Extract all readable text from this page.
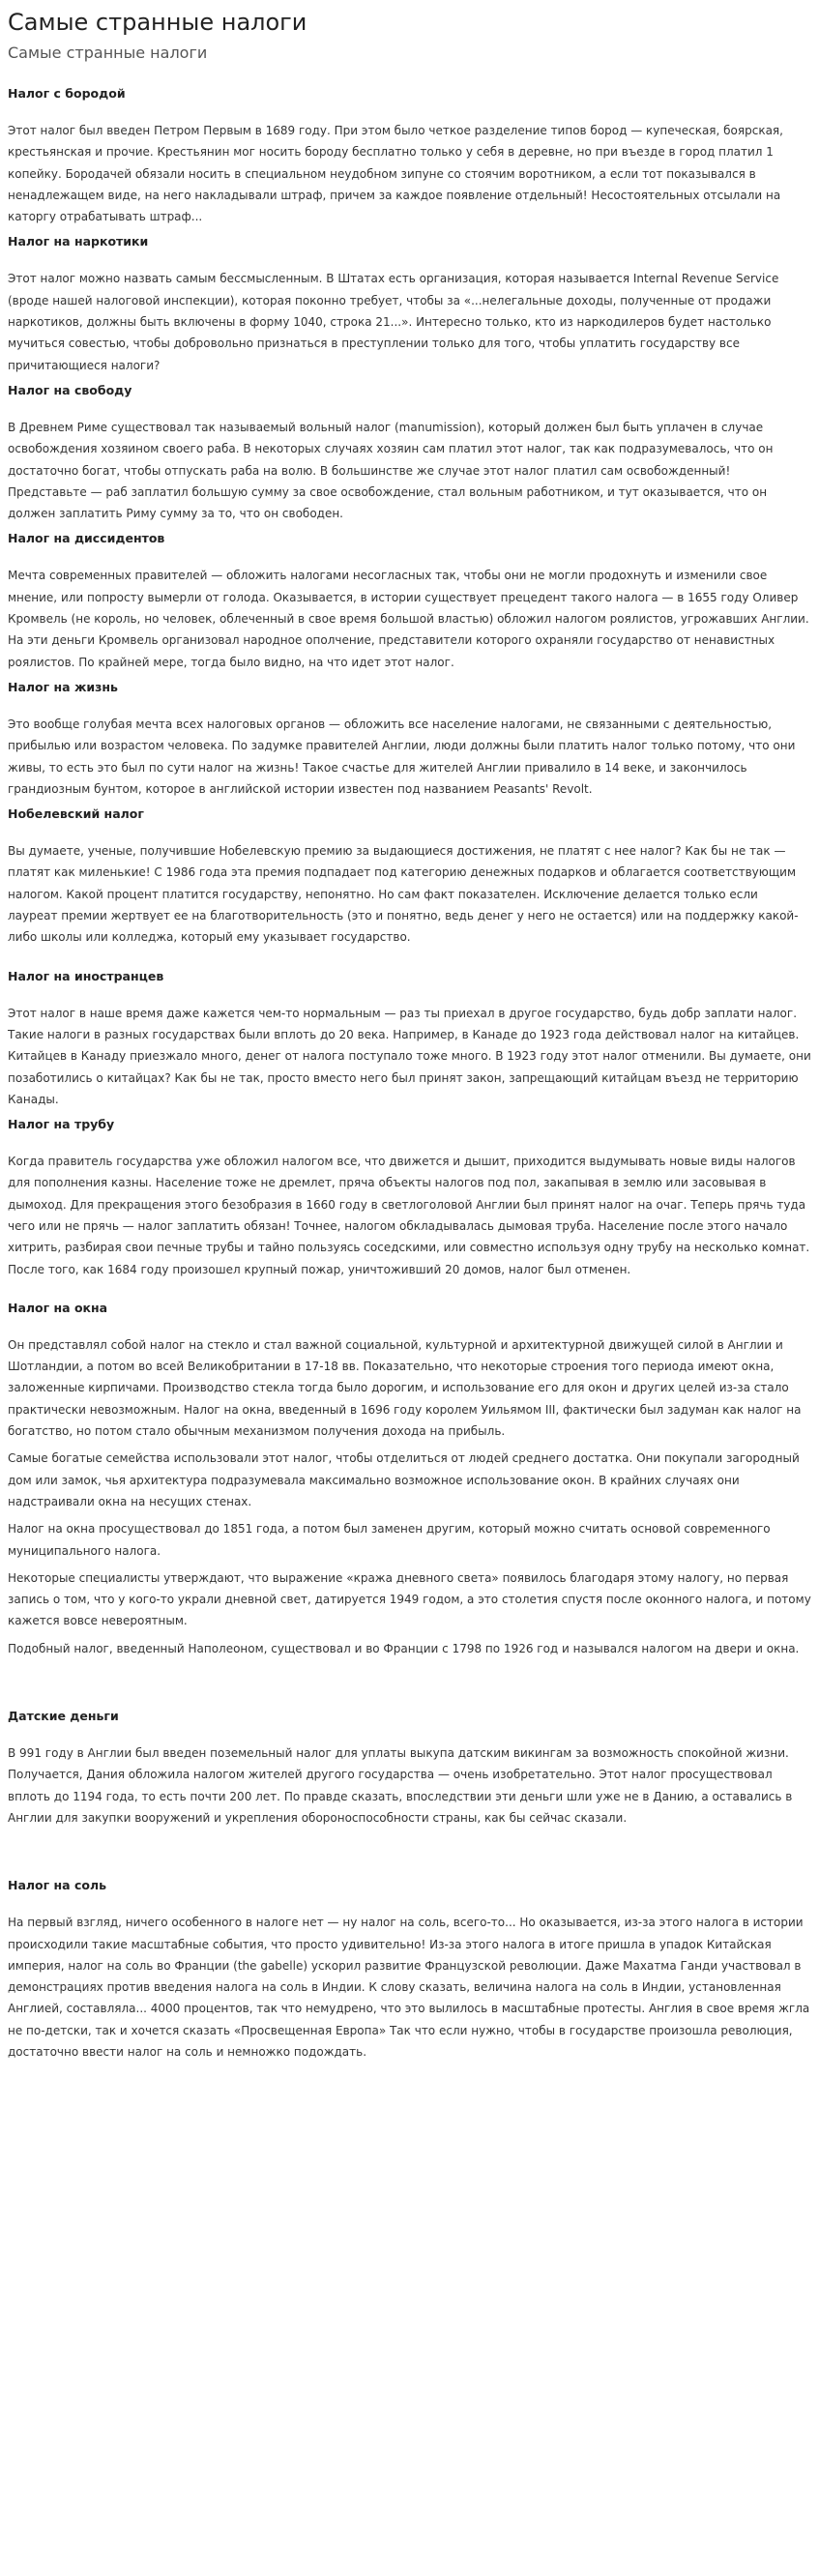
Самые странные налоги
Самые странные налоги
Налог с бородой

Этот налог был введен Петром Первым в 1689 году. При этом было четкое разделение типов бород — купеческая, боярская, крестьянская и прочие. Крестьянин мог носить бороду бесплатно только у себя в деревне, но при въезде в город платил 1 копейку. Бородачей обязали носить в специальном неудобном зипуне со стоячим воротником, а если тот показывался в ненадлежащем виде, на него накладывали штраф, причем за каждое появление отдельный! Несостоятельных отсылали на каторгу отрабатывать штраф...

Налог на наркотики

Этот налог можно назвать самым бессмысленным. В Штатах есть организация, которая называется Internal Revenue Service (вроде нашей налоговой инспекции), которая поконно требует, чтобы за «...нелегальные доходы, полученные от продажи наркотиков, должны быть включены в форму 1040, строка 21...». Интересно только, кто из наркодилеров будет настолько мучиться совестью, чтобы добровольно признаться в преступлении только для того, чтобы уплатить государству все причитающиеся налоги?

Налог на свободу

В Древнем Риме существовал так называемый вольный налог (manumission), который должен был быть уплачен в случае освобождения хозяином своего раба. В некоторых случаях хозяин сам платил этот налог, так как подразумевалось, что он достаточно богат, чтобы отпускать раба на волю. В большинстве же случае этот налог платил сам освобожденный! Представьте — раб заплатил большую сумму за свое освобождение, стал вольным работником, и тут оказывается, что он должен заплатить Риму сумму за то, что он свободен.

Налог на диссидентов

Мечта современных правителей — обложить налогами несогласных так, чтобы они не могли продохнуть и изменили свое мнение, или попросту вымерли от голода. Оказывается, в истории существует прецедент такого налога — в 1655 году Оливер Кромвель (не король, но человек, облеченный в свое время большой властью) обложил налогом роялистов, угрожавших Англии. На эти деньги Кромвель организовал народное ополчение, представители которого охраняли государство от ненавистных роялистов. По крайней мере, тогда было видно, на что идет этот налог.

Налог на жизнь

Это вообще голубая мечта всех налоговых органов — обложить все население налогами, не связанными с деятельностью, прибылью или возрастом человека. По задумке правителей Англии, люди должны были платить налог только потому, что они живы, то есть это был по сути налог на жизнь! Такое счастье для жителей Англии привалило в 14 веке, и закончилось грандиозным бунтом, которое в английской истории известен под названием Peasants' Revolt.

Нобелевский налог

Вы думаете, ученые, получившие Нобелевскую премию за выдающиеся достижения, не платят с нее налог? Как бы не так — платят как миленькие! С 1986 года эта премия подпадает под категорию денежных подарков и облагается соответствующим налогом. Какой процент платится государству, непонятно. Но сам факт показателен. Исключение делается только если лауреат премии жертвует ее на благотворительность (это и понятно, ведь денег у него не остается) или на поддержку какой-либо школы или колледжа, который ему указывает государство.

Налог на иностранцев

Этот налог в наше время даже кажется чем-то нормальным — раз ты приехал в другое государство, будь добр заплати налог. Такие налоги в разных государствах были вплоть до 20 века. Например, в Канаде до 1923 года действовал налог на китайцев. Китайцев в Канаду приезжало много, денег от налога поступало тоже много. В 1923 году этот налог отменили. Вы думаете, они позаботились о китайцах? Как бы не так, просто вместо него был принят закон, запрещающий китайцам въезд не территорию Канады.

Налог на трубу

Когда правитель государства уже обложил налогом все, что движется и дышит, приходится выдумывать новые виды налогов для пополнения казны. Население тоже не дремлет, пряча объекты налогов под пол, закапывая в землю или засовывая в дымоход. Для прекращения этого безобразия в 1660 году в светлоголовой Англии был принят налог на очаг. Теперь прячь туда чего или не прячь — налог заплатить обязан! Точнее, налогом обкладывалась дымовая труба. Население после этого начало хитрить, разбирая свои печные трубы и тайно пользуясь соседскими, или совместно используя одну трубу на несколько комнат. После того, как 1684 году произошел крупный пожар, уничтоживший 20 домов, налог был отменен.

Налог на окна

Он представлял собой налог на стекло и стал важной социальной, культурной и архитектурной движущей силой в Англии и Шотландии, а потом во всей Великобритании в 17-18 вв. Показательно, что некоторые строения того периода имеют окна, заложенные кирпичами. Производство стекла тогда было дорогим, и использование его для окон и других целей из-за стало практически невозможным. Налог на окна, введенный в 1696 году королем Уильямом III, фактически был задуман как налог на богатство, но потом стало обычным механизмом получения дохода на прибыль.

Самые богатые семейства использовали этот налог, чтобы отделиться от людей среднего достатка. Они покупали загородный дом или замок, чья архитектура подразумевала максимально возможное использование окон. В крайних случаях они надстраивали окна на несущих стенах.

Налог на окна просуществовал до 1851 года, а потом был заменен другим, который можно считать основой современного муниципального налога.

Некоторые специалисты утверждают, что выражение «кража дневного света» появилось благодаря этому налогу, но первая запись о том, что у кого-то украли дневной свет, датируется 1949 годом, а это столетия спустя после оконного налога, и потому кажется вовсе невероятным.

Подобный налог, введенный Наполеоном, существовал и во Франции с 1798 по 1926 год и назывался налогом на двери и окна.

Датские деньги

В 991 году в Англии был введен поземельный налог для уплаты выкупа датским викингам за возможность спокойной жизни. Получается, Дания обложила налогом жителей другого государства — очень изобретательно. Этот налог просуществовал вплоть до 1194 года, то есть почти 200 лет. По правде сказать, впоследствии эти деньги шли уже не в Данию, а оставались в Англии для закупки вооружений и укрепления обороноспособности страны, как бы сейчас сказали.

Налог на соль

На первый взгляд, ничего особенного в налоге нет — ну налог на соль, всего-то... Но оказывается, из-за этого налога в истории происходили такие масштабные события, что просто удивительно! Из-за этого налога в итоге пришла в упадок Китайская империя, налог на соль во Франции (the gabelle) ускорил развитие Французской революции. Даже Махатма Ганди участвовал в демонстрациях против введения налога на соль в Индии. К слову сказать, величина налога на соль в Индии, установленная Англией, составляла... 4000 процентов, так что немудрено, что это вылилось в масштабные протесты. Англия в свое время жгла не по-детски, так и хочется сказать «Просвещенная Европа» Так что если нужно, чтобы в государстве произошла революция, достаточно ввести налог на соль и немножко подождать.
